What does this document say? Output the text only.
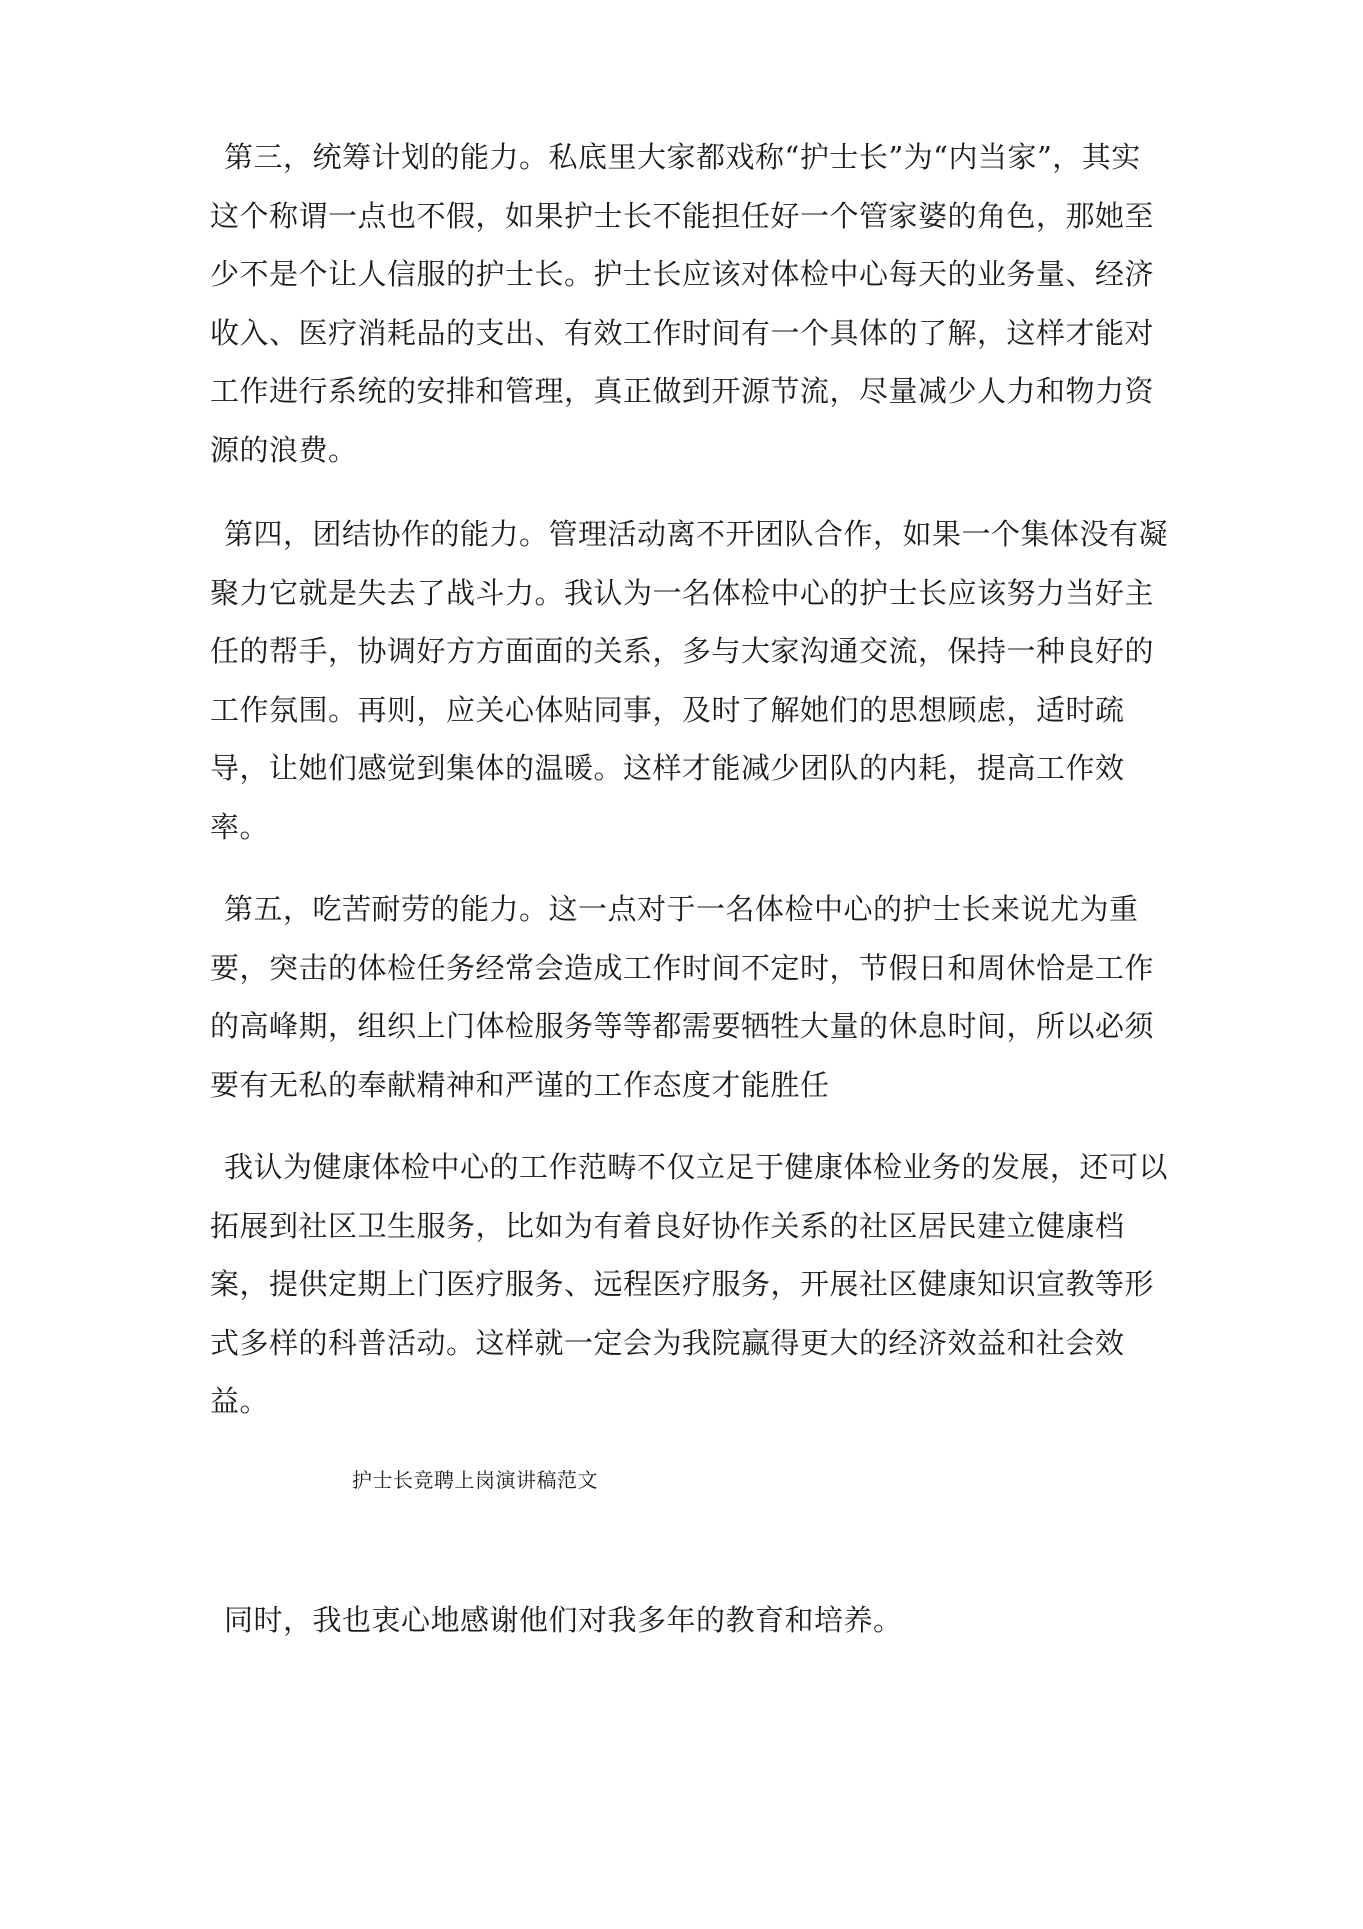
第三，统筹计划的能力。私底里大家都戏称“护士长”为“内当家”，其实这个称谓一点也不假，如果护士长不能担任好一个管家婆的角色，那她至少不是个让人信服的护士长。护士长应该对体检中心每天的业务量、经济收入、医疗消耗品的支出、有效工作时间有一个具体的了解，这样才能对工作进行系统的安排和管理，真正做到开源节流，尽量减少人力和物力资源的浪费。

第四，团结协作的能力。管理活动离不开团队合作，如果一个集体没有凝聚力它就是失去了战斗力。我认为一名体检中心的护士长应该努力当好主任的帮手，协调好方方面面的关系，多与大家沟通交流，保持一种良好的工作氛围。再则，应关心体贴同事，及时了解她们的思想顾虑，适时疏导，让她们感觉到集体的温暖。这样才能减少团队的内耗，提高工作效率。

第五，吃苦耐劳的能力。这一点对于一名体检中心的护士长来说尤为重要，突击的体检任务经常会造成工作时间不定时，节假日和周休恰是工作的高峰期，组织上门体检服务等等都需要牺牲大量的休息时间，所以必须要有无私的奉献精神和严谨的工作态度才能胜任

我认为健康体检中心的工作范畴不仅立足于健康体检业务的发展，还可以拓展到社区卫生服务，比如为有着良好协作关系的社区居民建立健康档案，提供定期上门医疗服务、远程医疗服务，开展社区健康知识宣教等形式多样的科普活动。这样就一定会为我院赢得更大的经济效益和社会效益。

护士长竞聘上岗演讲稿范文

同时，我也衷心地感谢他们对我多年的教育和培养。
